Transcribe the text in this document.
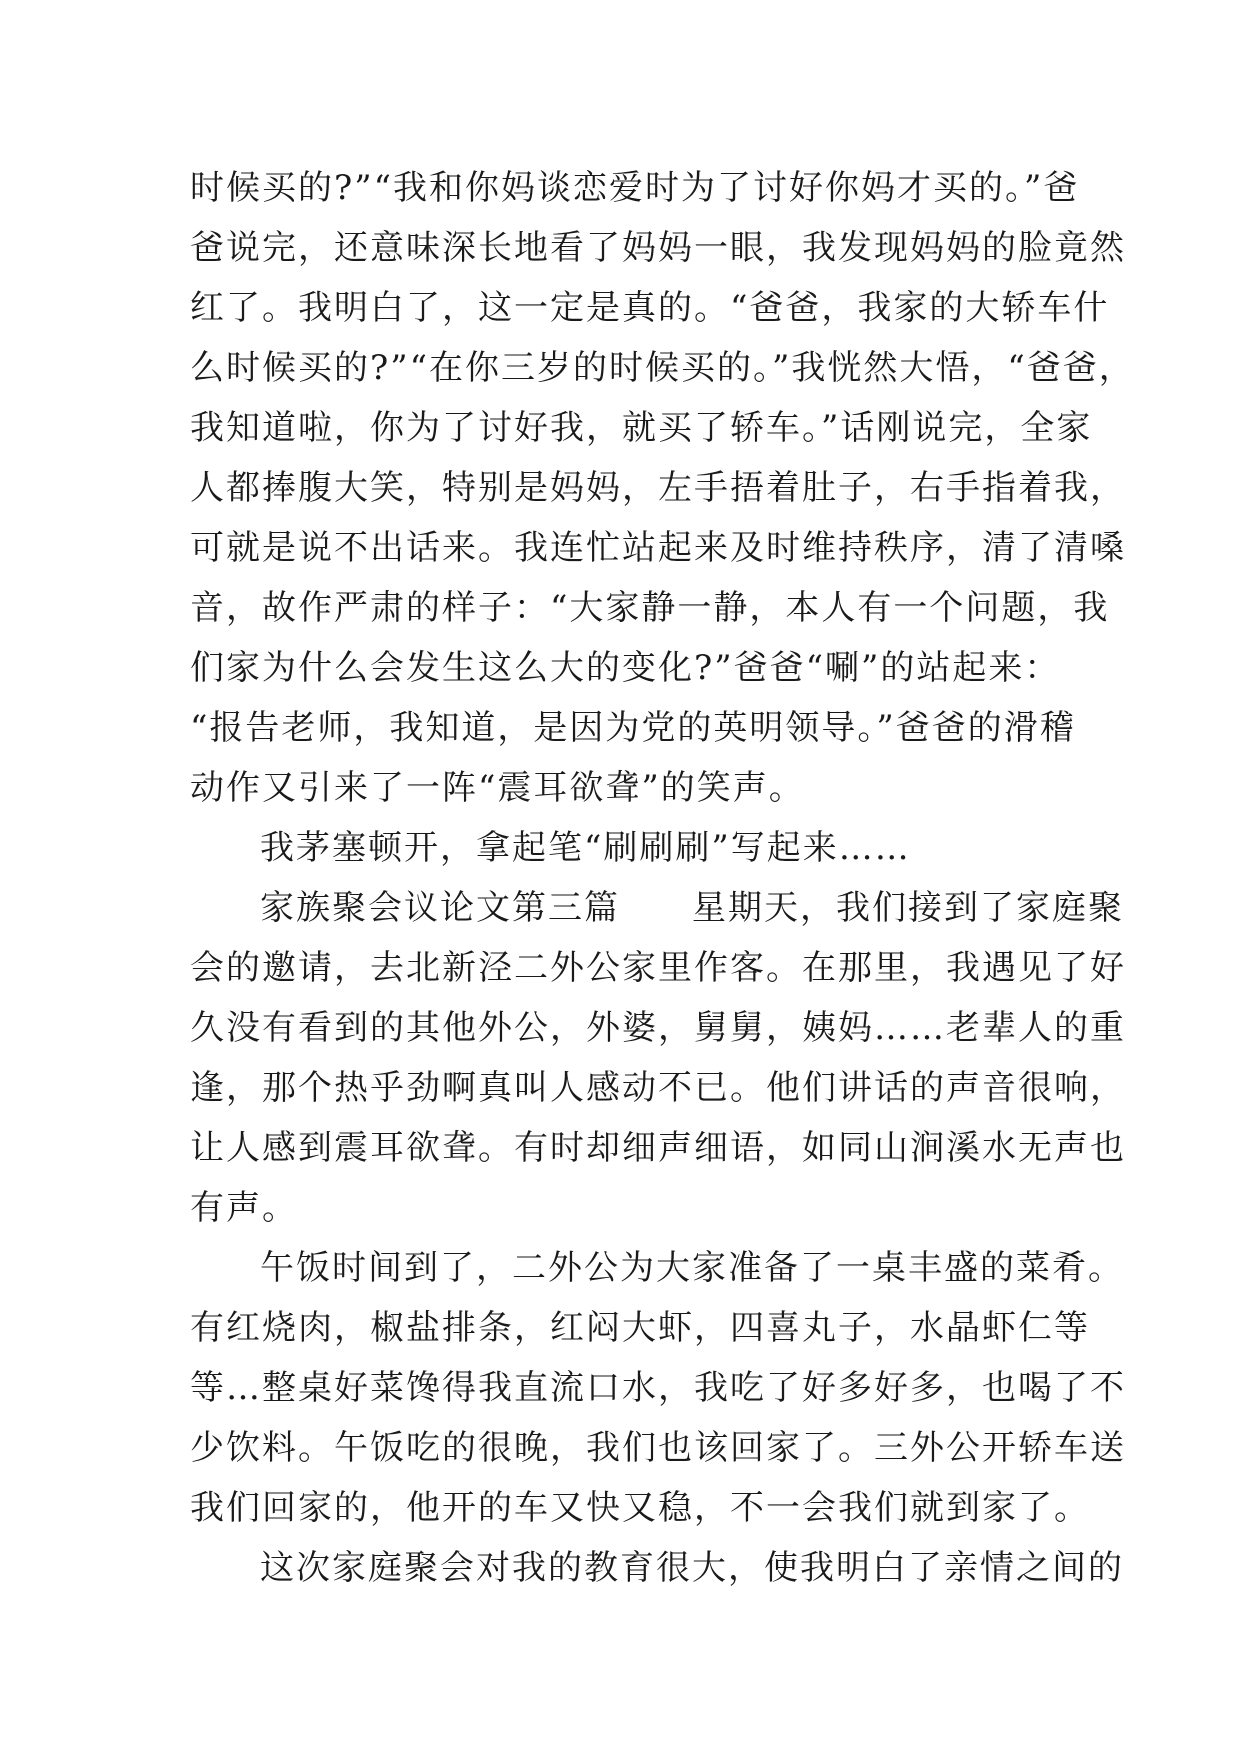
时候买的?”“我和你妈谈恋爱时为了讨好你妈才买的。”爸
爸说完，还意味深长地看了妈妈一眼，我发现妈妈的脸竟然
红了。我明白了，这一定是真的。“爸爸，我家的大轿车什
么时候买的?”“在你三岁的时候买的。”我恍然大悟，“爸爸，
我知道啦，你为了讨好我，就买了轿车。”话刚说完，全家
人都捧腹大笑，特别是妈妈，左手捂着肚子，右手指着我，
可就是说不出话来。我连忙站起来及时维持秩序，清了清嗓
音，故作严肃的样子：“大家静一静，本人有一个问题，我
们家为什么会发生这么大的变化?”爸爸“唰”的站起来：
“报告老师，我知道，是因为党的英明领导。”爸爸的滑稽
动作又引来了一阵“震耳欲聋”的笑声。
我茅塞顿开，拿起笔“刷刷刷”写起来……
家族聚会议论文第三篇　　星期天，我们接到了家庭聚
会的邀请，去北新泾二外公家里作客。在那里，我遇见了好
久没有看到的其他外公，外婆，舅舅，姨妈……老辈人的重
逢，那个热乎劲啊真叫人感动不已。他们讲话的声音很响，
让人感到震耳欲聋。有时却细声细语，如同山涧溪水无声也
有声。
午饭时间到了，二外公为大家准备了一桌丰盛的菜肴。
有红烧肉，椒盐排条，红闷大虾，四喜丸子，水晶虾仁等
等…整桌好菜馋得我直流口水，我吃了好多好多，也喝了不
少饮料。午饭吃的很晚，我们也该回家了。三外公开轿车送
我们回家的，他开的车又快又稳，不一会我们就到家了。
这次家庭聚会对我的教育很大，使我明白了亲情之间的
